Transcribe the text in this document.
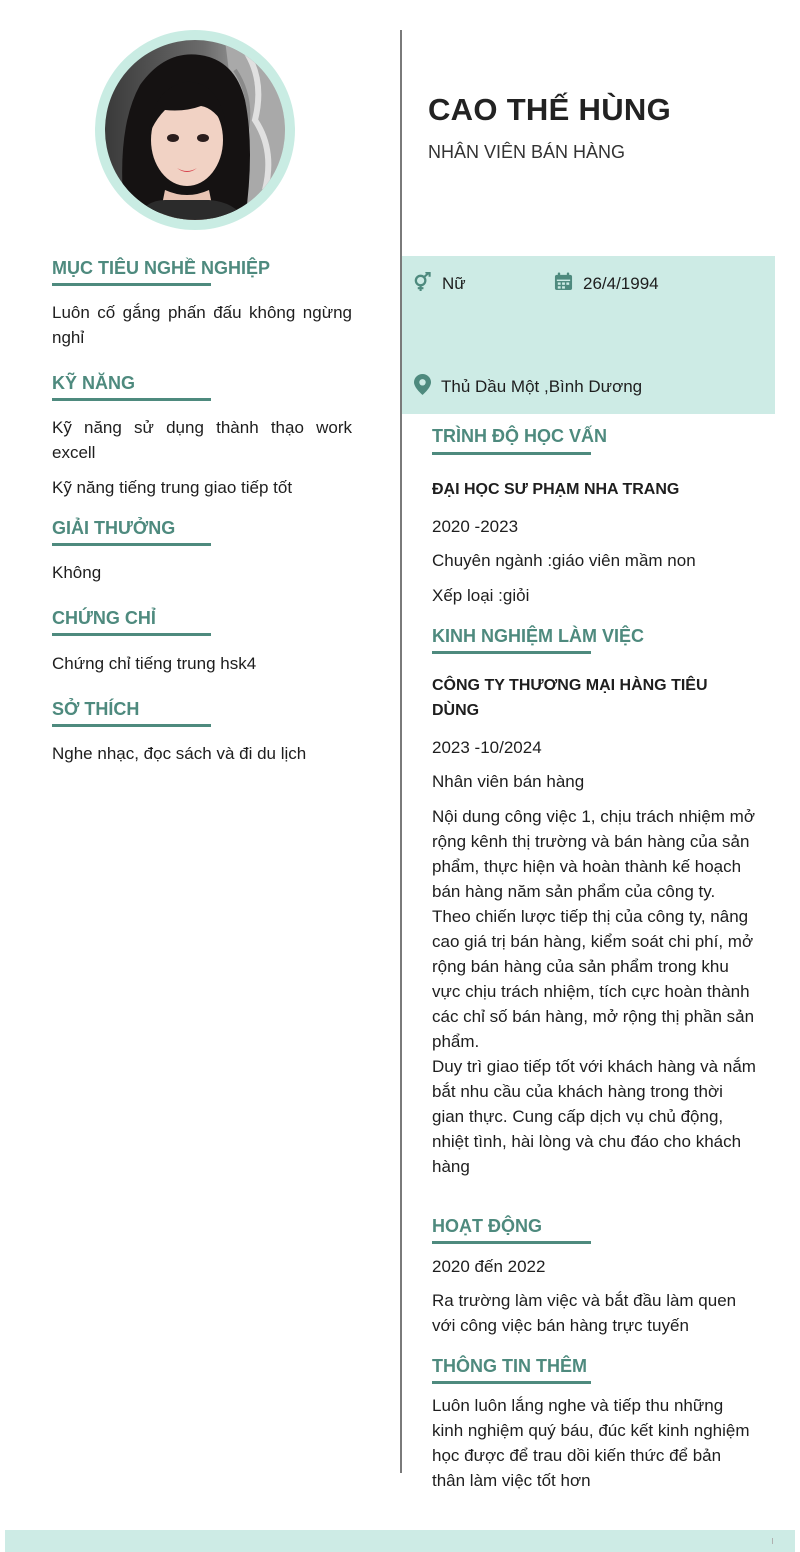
CAO THẾ HÙNG
NHÂN VIÊN BÁN HÀNG
Nữ	26/4/1994
Thủ Dầu Một ,Bình Dương
MỤC TIÊU NGHỀ NGHIỆP
Luôn cố gắng phấn đấu không ngừng nghỉ
KỸ NĂNG
Kỹ năng sử dụng thành thạo work excell
Kỹ năng tiếng trung giao tiếp tốt
GIẢI THƯỞNG
Không
CHỨNG CHỈ
Chứng chỉ tiếng trung hsk4
SỞ THÍCH
Nghe nhạc, đọc sách và đi du lịch
TRÌNH ĐỘ HỌC VẤN
ĐẠI HỌC SƯ PHẠM NHA TRANG
2020 -2023
Chuyên ngành :giáo viên mầm non
Xếp loại :giỏi
KINH NGHIỆM LÀM VIỆC
CÔNG TY THƯƠNG MẠI HÀNG TIÊU DÙNG
2023 -10/2024
Nhân viên bán hàng
Nội dung công việc 1, chịu trách nhiệm mở rộng kênh thị trường và bán hàng của sản phẩm, thực hiện và hoàn thành kế hoạch bán hàng năm sản phẩm của công ty.
Theo chiến lược tiếp thị của công ty, nâng cao giá trị bán hàng, kiểm soát chi phí, mở rộng bán hàng của sản phẩm trong khu vực chịu trách nhiệm, tích cực hoàn thành các chỉ số bán hàng, mở rộng thị phần sản phẩm.
Duy trì giao tiếp tốt với khách hàng và nắm bắt nhu cầu của khách hàng trong thời gian thực. Cung cấp dịch vụ chủ động, nhiệt tình, hài lòng và chu đáo cho khách hàng
HOẠT ĐỘNG
2020 đến 2022
Ra trường làm việc và bắt đầu làm quen với công việc bán hàng trực tuyến
THÔNG TIN THÊM
Luôn luôn lắng nghe và tiếp thu những kinh nghiệm quý báu, đúc kết kinh nghiệm học được để trau dồi kiến thức để bản thân làm việc tốt hơn
